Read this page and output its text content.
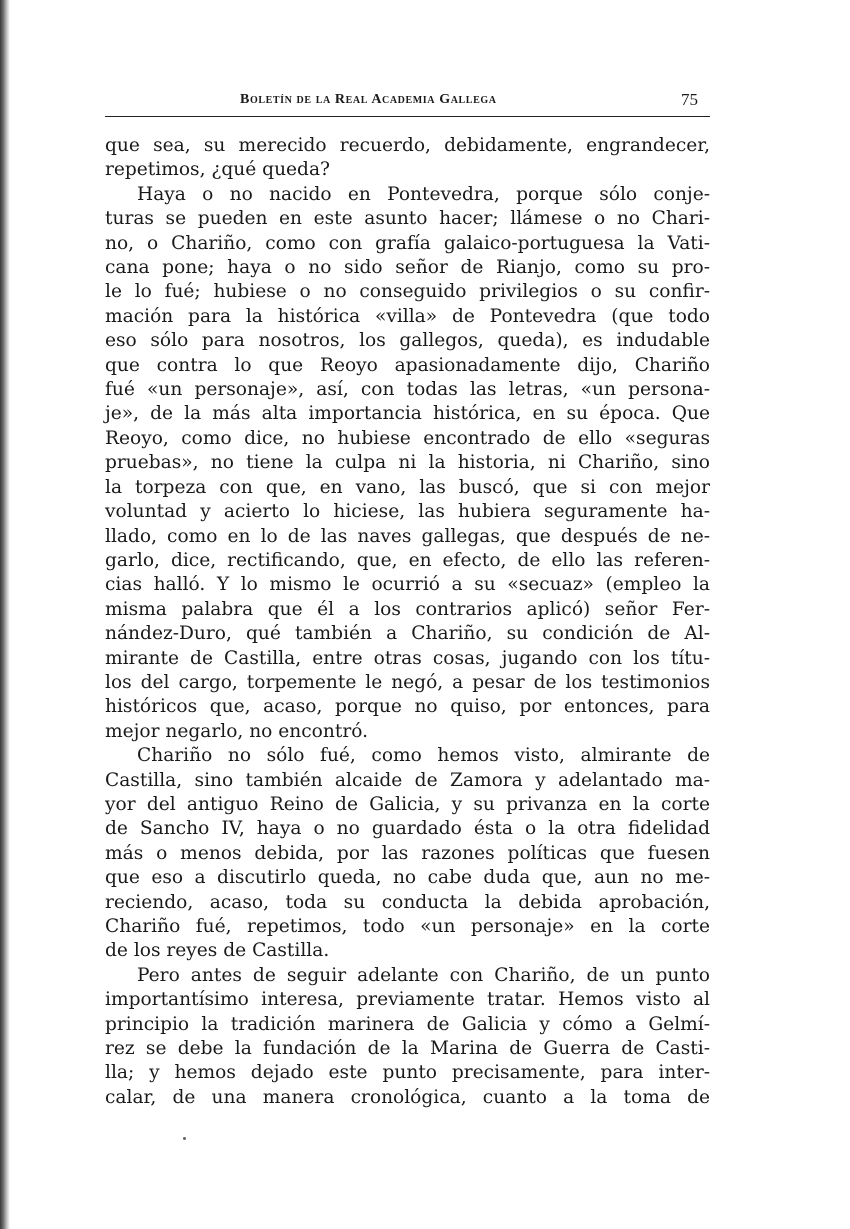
Boletín de la Real Academia Gallega	75
que sea, su merecido recuerdo, debidamente, engrandecer,
repetimos, ¿qué queda?
Haya o no nacido en Pontevedra, porque sólo conje-
turas se pueden en este asunto hacer; llámese o no Chari-
no, o Chariño, como con grafía galaico-portuguesa la Vati-
cana pone; haya o no sido señor de Rianjo, como su pro-
le lo fué; hubiese o no conseguido privilegios o su confir-
mación para la histórica «villa» de Pontevedra (que todo
eso sólo para nosotros, los gallegos, queda), es indudable
que contra lo que Reoyo apasionadamente dijo, Chariño
fué «un personaje», así, con todas las letras, «un persona-
je», de la más alta importancia histórica, en su época. Que
Reoyo, como dice, no hubiese encontrado de ello «seguras
pruebas», no tiene la culpa ni la historia, ni Chariño, sino
la torpeza con que, en vano, las buscó, que si con mejor
voluntad y acierto lo hiciese, las hubiera seguramente ha-
llado, como en lo de las naves gallegas, que después de ne-
garlo, dice, rectificando, que, en efecto, de ello las referen-
cias halló. Y lo mismo le ocurrió a su «secuaz» (empleo la
misma palabra que él a los contrarios aplicó) señor Fer-
nández-Duro, qué también a Chariño, su condición de Al-
mirante de Castilla, entre otras cosas, jugando con los títu-
los del cargo, torpemente le negó, a pesar de los testimonios
históricos que, acaso, porque no quiso, por entonces, para
mejor negarlo, no encontró.
Chariño no sólo fué, como hemos visto, almirante de
Castilla, sino también alcaide de Zamora y adelantado ma-
yor del antiguo Reino de Galicia, y su privanza en la corte
de Sancho IV, haya o no guardado ésta o la otra fidelidad
más o menos debida, por las razones políticas que fuesen
que eso a discutirlo queda, no cabe duda que, aun no me-
reciendo, acaso, toda su conducta la debida aprobación,
Chariño fué, repetimos, todo «un personaje» en la corte
de los reyes de Castilla.
Pero antes de seguir adelante con Chariño, de un punto
importantísimo interesa, previamente tratar. Hemos visto al
principio la tradición marinera de Galicia y cómo a Gelmí-
rez se debe la fundación de la Marina de Guerra de Casti-
lla; y hemos dejado este punto precisamente, para inter-
calar, de una manera cronológica, cuanto a la toma de
